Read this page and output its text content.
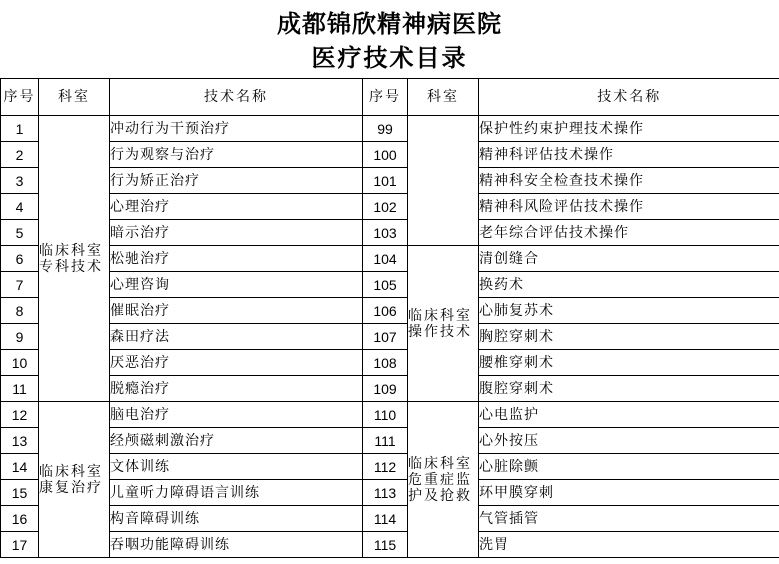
成都锦欣精神病医院
医疗技术目录
序号	科室	技术名称	序号	科室	技术名称
1	临床科室专科技术	冲动行为干预治疗	99		保护性约束护理技术操作
2		行为观察与治疗	100		精神科评估技术操作
3		行为矫正治疗	101		精神科安全检查技术操作
4		心理治疗	102		精神科风险评估技术操作
5		暗示治疗	103		老年综合评估技术操作
6		松驰治疗	104	临床科室操作技术	清创缝合
7		心理咨询	105		换药术
8		催眠治疗	106		心肺复苏术
9		森田疗法	107		胸腔穿刺术
10		厌恶治疗	108		腰椎穿刺术
11		脱瘾治疗	109		腹腔穿刺术
12	临床科室康复治疗	脑电治疗	110	临床科室危重症监护及抢救	心电监护
13		经颅磁刺激治疗	111		心外按压
14		文体训练	112		心脏除颤
15		儿童听力障碍语言训练	113		环甲膜穿刺
16		构音障碍训练	114		气管插管
17		吞咽功能障碍训练	115		洗胃
